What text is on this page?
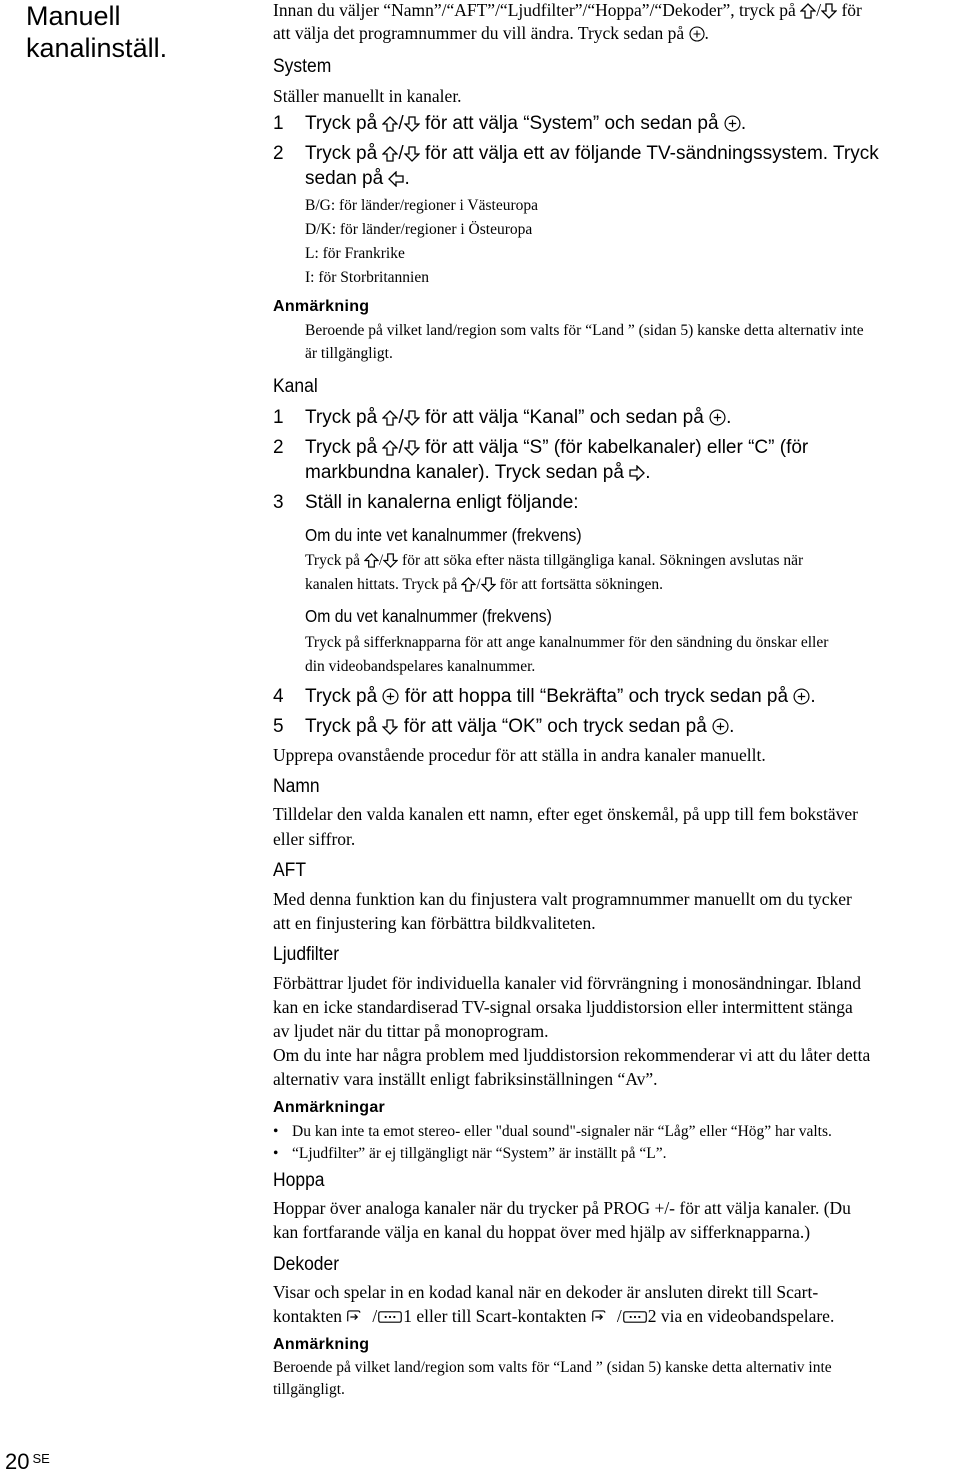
Manuell
kanalinställ.
Innan du väljer “Namn”/“AFT”/“Ljudfilter”/“Hoppa”/“Dekoder”, tryck på / för
att välja det programnummer du vill ändra. Tryck sedan på .
System
Ställer manuellt in kanaler.
1 Tryck på / för att välja “System” och sedan på .
2 Tryck på / för att välja ett av följande TV-sändningssystem. Tryck
sedan på .
B/G: för länder/regioner i Västeuropa
D/K: för länder/regioner i Östeuropa
L: för Frankrike
I: för Storbritannien
Anmärkning
Beroende på vilket land/region som valts för “Land ” (sidan 5) kanske detta alternativ inte
är tillgängligt.
Kanal
1 Tryck på / för att välja “Kanal” och sedan på .
2 Tryck på / för att välja “S” (för kabelkanaler) eller “C” (för
markbundna kanaler). Tryck sedan på .
3 Ställ in kanalerna enligt följande:
Om du inte vet kanalnummer (frekvens)
Tryck på / för att söka efter nästa tillgängliga kanal. Sökningen avslutas när
kanalen hittats. Tryck på / för att fortsätta sökningen.
Om du vet kanalnummer (frekvens)
Tryck på sifferknapparna för att ange kanalnummer för den sändning du önskar eller
din videobandspelares kanalnummer.
4 Tryck på för att hoppa till “Bekräfta” och tryck sedan på .
5 Tryck på för att välja “OK” och tryck sedan på .
Upprepa ovanstående procedur för att ställa in andra kanaler manuellt.
Namn
Tilldelar den valda kanalen ett namn, efter eget önskemål, på upp till fem bokstäver
eller siffror.
AFT
Med denna funktion kan du finjustera valt programnummer manuellt om du tycker
att en finjustering kan förbättra bildkvaliteten.
Ljudfilter
Förbättrar ljudet för individuella kanaler vid förvrängning i monosändningar. Ibland
kan en icke standardiserad TV-signal orsaka ljuddistorsion eller intermittent stänga
av ljudet när du tittar på monoprogram.
Om du inte har några problem med ljuddistorsion rekommenderar vi att du låter detta
alternativ vara inställt enligt fabriksinställningen “Av”.
Anmärkningar
• Du kan inte ta emot stereo- eller "dual sound"-signaler när “Låg” eller “Hög” har valts.
• “Ljudfilter” är ej tillgängligt när “System” är inställt på “L”.
Hoppa
Hoppar över analoga kanaler när du trycker på PROG +/- för att välja kanaler. (Du
kan fortfarande välja en kanal du hoppat över med hjälp av sifferknapparna.)
Dekoder
Visar och spelar in en kodad kanal när en dekoder är ansluten direkt till Scart-
kontakten / 1 eller till Scart-kontakten / 2 via en videobandspelare.
Anmärkning
Beroende på vilket land/region som valts för “Land ” (sidan 5) kanske detta alternativ inte
tillgängligt.
20 $^{SE}$
